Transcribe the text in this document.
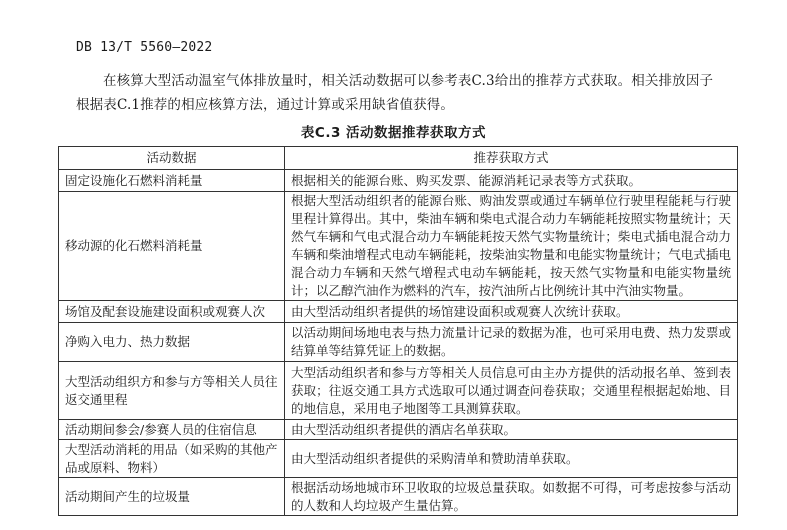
DB 13/T 5560—2022

在核算大型活动温室气体排放量时，相关活动数据可以参考表C.3给出的推荐方式获取。相关排放因子根据表C.1推荐的相应核算方法，通过计算或采用缺省值获得。

表C.3 活动数据推荐获取方式
活动数据	推荐获取方式
固定设施化石燃料消耗量	根据相关的能源台账、购买发票、能源消耗记录表等方式获取。
移动源的化石燃料消耗量	根据大型活动组织者的能源台账、购油发票或通过车辆单位行驶里程能耗与行驶里程计算得出。其中，柴油车辆和柴电式混合动力车辆能耗按照实物量统计；天然气车辆和气电式混合动力车辆能耗按天然气实物量统计；柴电式插电混合动力车辆和柴油增程式电动车辆能耗，按柴油实物量和电能实物量统计；气电式插电混合动力车辆和天然气增程式电动车辆能耗，按天然气实物量和电能实物量统计；以乙醇汽油作为燃料的汽车，按汽油所占比例统计其中汽油实物量。
场馆及配套设施建设面积或观赛人次	由大型活动组织者提供的场馆建设面积或观赛人次统计获取。
净购入电力、热力数据	以活动期间场地电表与热力流量计记录的数据为准，也可采用电费、热力发票或结算单等结算凭证上的数据。
大型活动组织方和参与方等相关人员往返交通里程	大型活动组织者和参与方等相关人员信息可由主办方提供的活动报名单、签到表获取；往返交通工具方式选取可以通过调查问卷获取；交通里程根据起始地、目的地信息，采用电子地图等工具测算获取。
活动期间参会/参赛人员的住宿信息	由大型活动组织者提供的酒店名单获取。
大型活动消耗的用品（如采购的其他产品或原料、物料）	由大型活动组织者提供的采购清单和赞助清单获取。
活动期间产生的垃圾量	根据活动场地城市环卫收取的垃圾总量获取。如数据不可得，可考虑按参与活动的人数和人均垃圾产生量估算。
